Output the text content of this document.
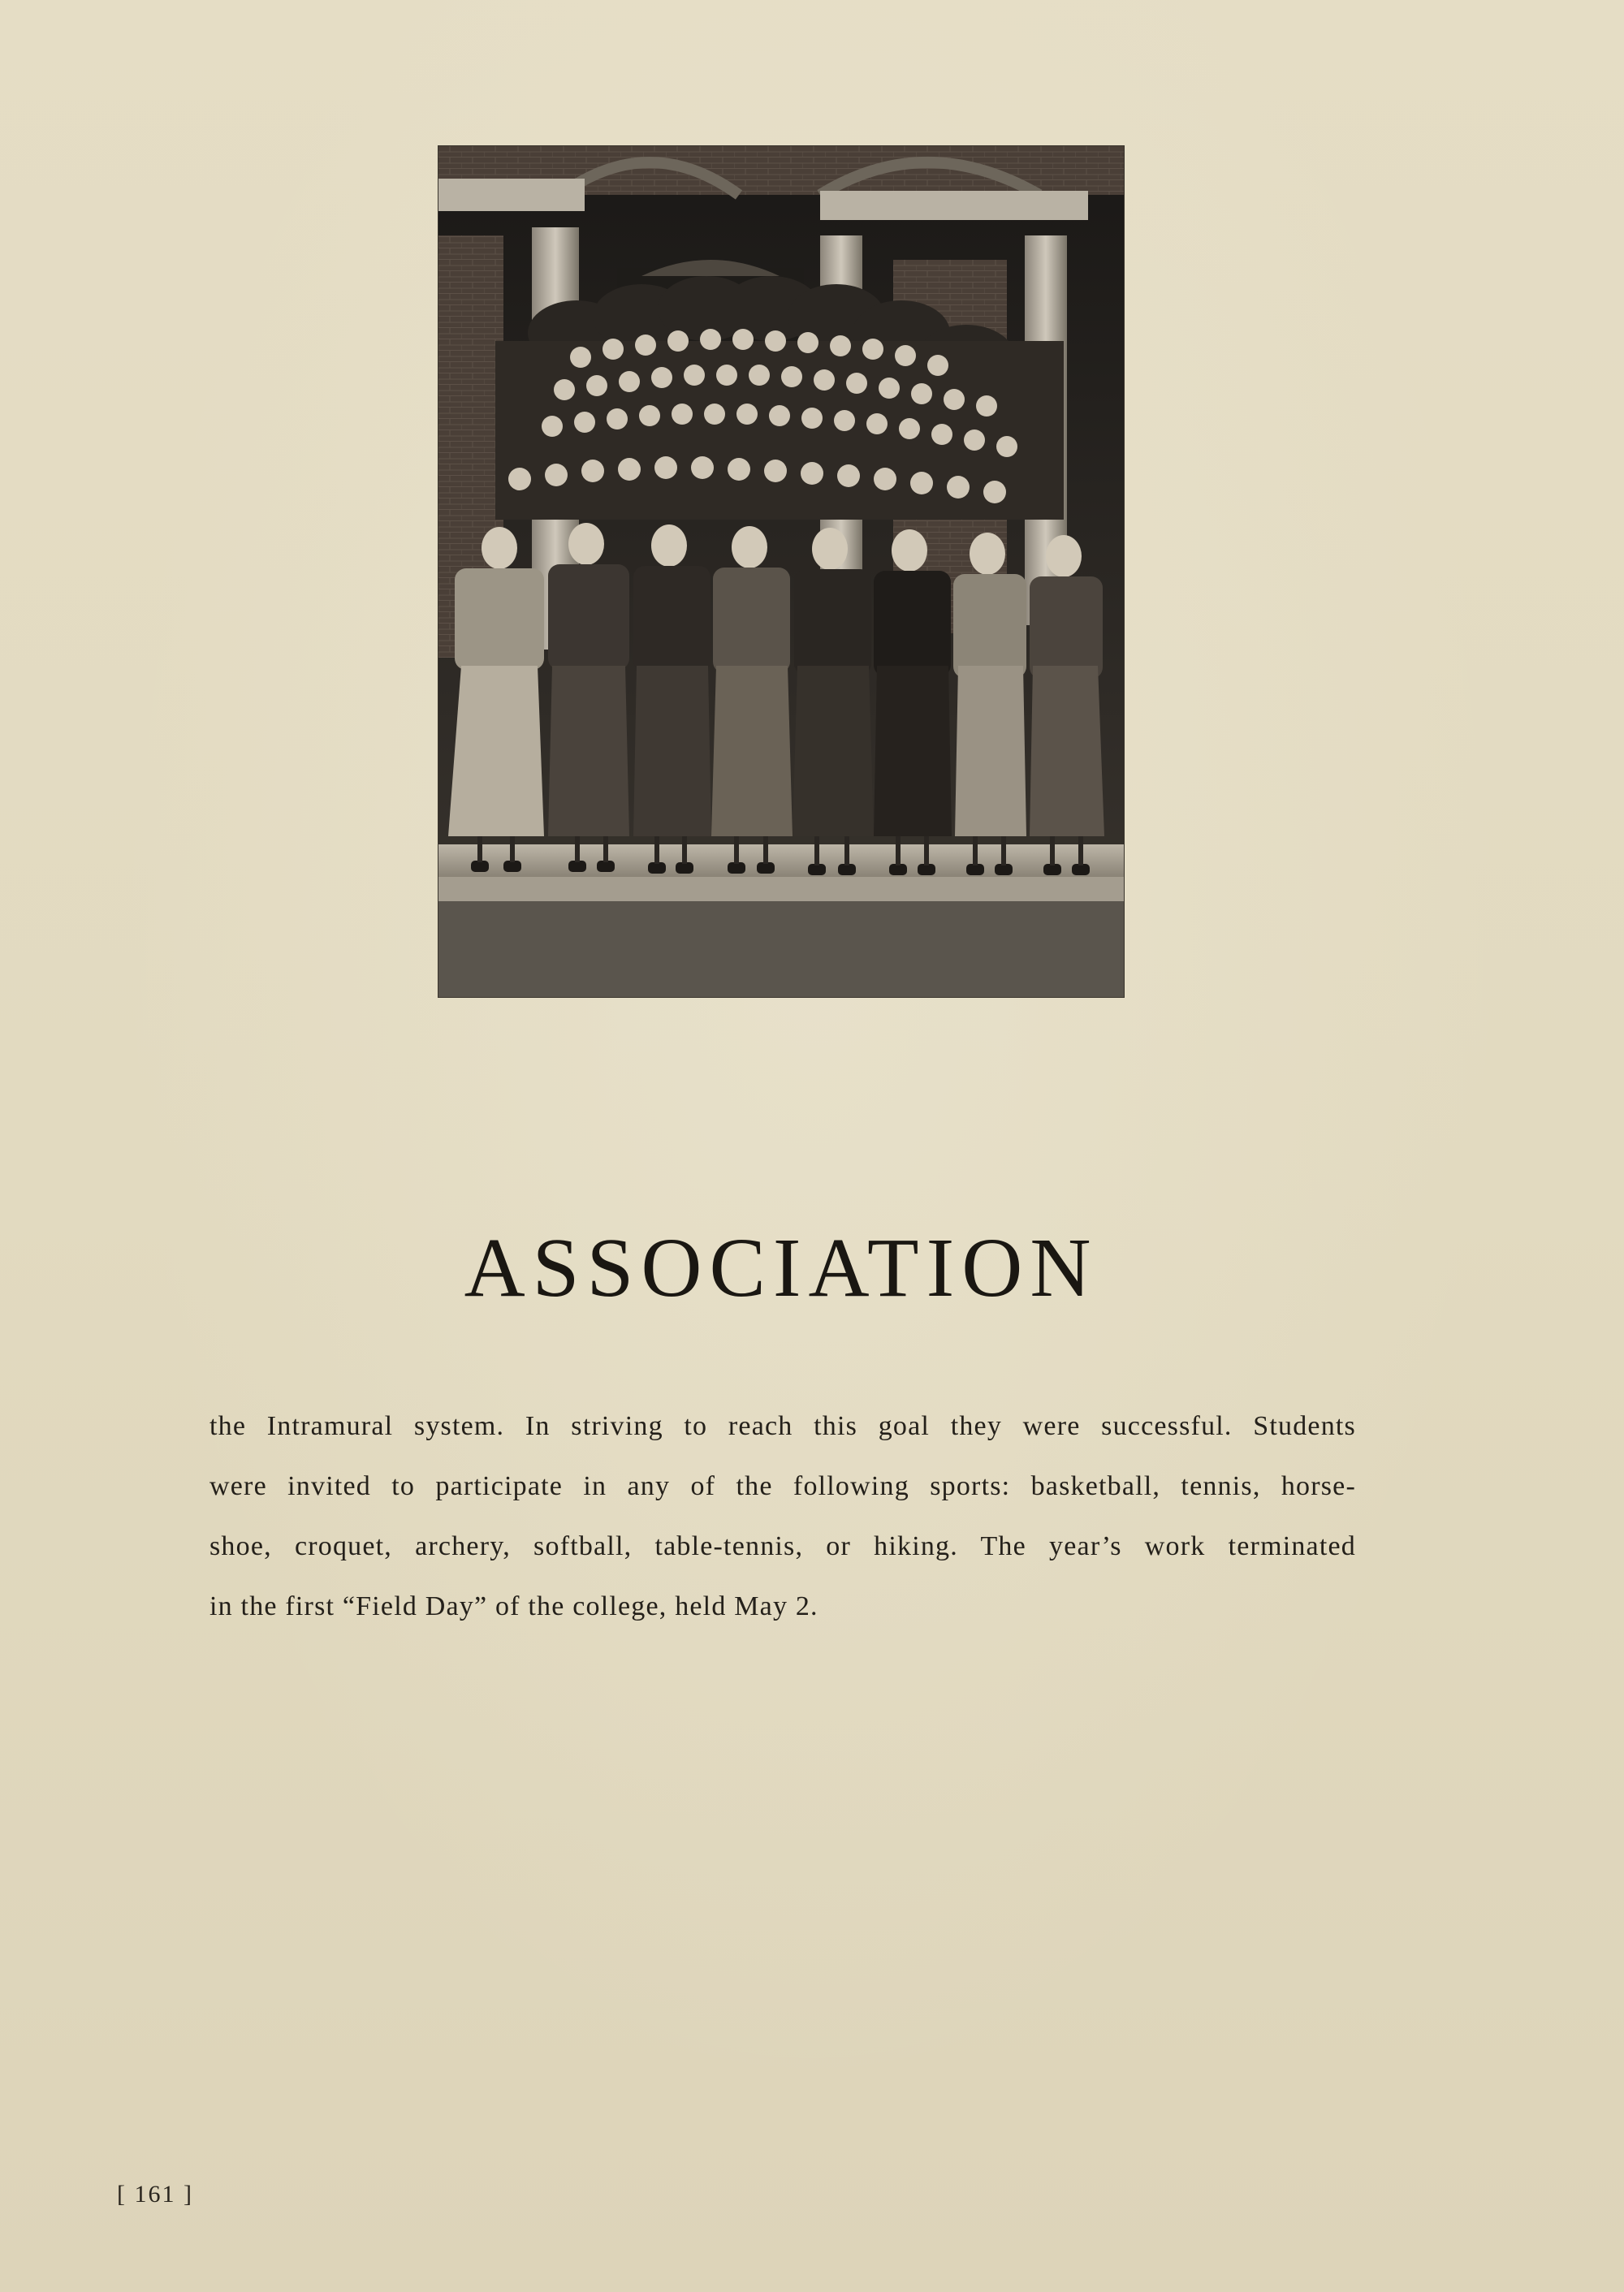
ASSOCIATION
the Intramural system. In striving to reach this goal they were successful. Students
were invited to participate in any of the following sports: basketball, tennis, horse-
shoe, croquet, archery, softball, table-tennis, or hiking. The year’s work terminated
in the first “Field Day” of the college, held May 2.
[ 161 ]
